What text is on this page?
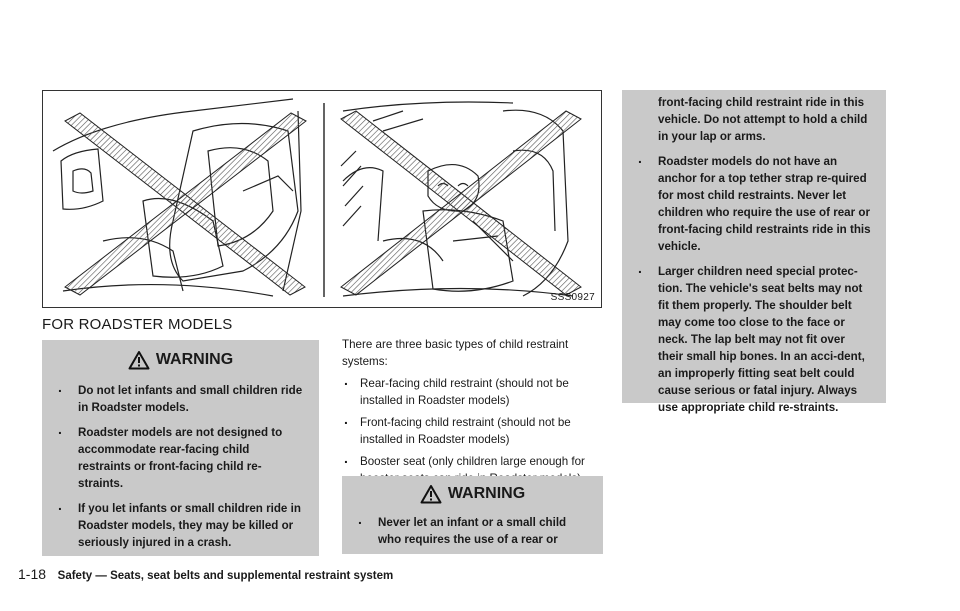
SSS0927
FOR ROADSTER MODELS
WARNING
. Do not let infants and small children ride in Roadster models.
. Roadster models are not designed to accommodate rear-facing child restraints or front-facing child re-straints.
. If you let infants or small children ride in Roadster models, they may be killed or seriously injured in a crash.

There are three basic types of child restraint systems:

. Rear-facing child restraint (should not be installed in Roadster models)
. Front-facing child restraint (should not be installed in Roadster models)
. Booster seat (only children large enough for
WARNING
. Never let an infant or a small child who requires the use of a rear or
front-facing child restraint ride in this vehicle. Do not attempt to hold a child in your lap or arms.
. Roadster models do not have an anchor for a top tether strap re-quired for most child restraints. Never let children who require the use of rear or front-facing child restraints ride in this vehicle.
. Larger children need special protec-tion. The vehicle's seat belts may not fit them properly. The shoulder belt may come too close to the face or neck. The lap belt may not fit over their small hip bones. In an acci-dent, an improperly fitting seat belt could cause serious or fatal injury. Always use appropriate child re-straints.
1-18 Safety — Seats, seat belts and supplemental restraint system
